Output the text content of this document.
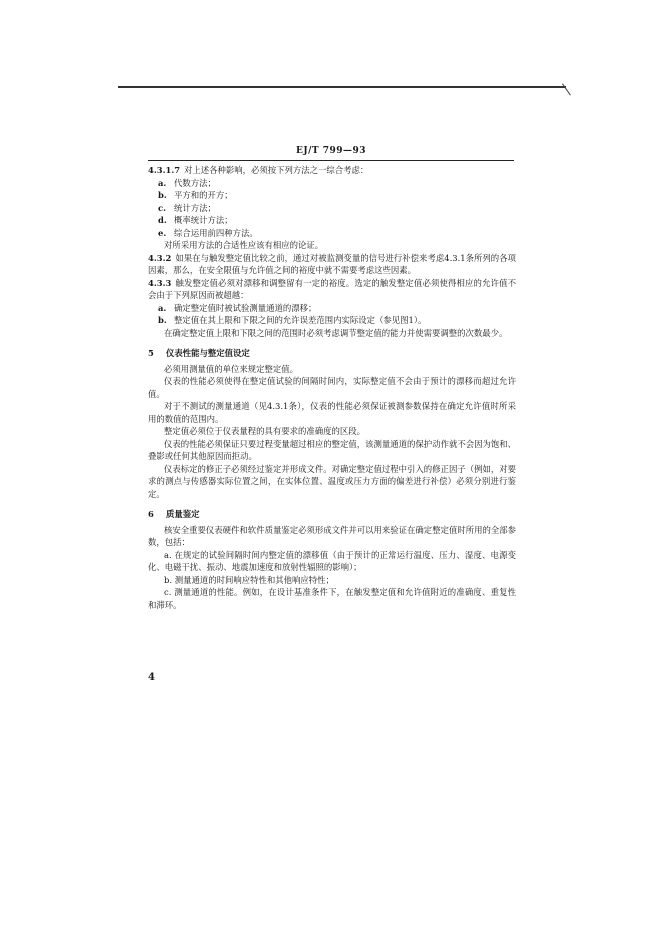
EJ/T 799—93

4.3.1.7 对上述各种影响，必须按下列方法之一综合考虑：

a. 代数方法；
b. 平方和的开方；
c. 统计方法；
d. 概率统计方法；
e. 综合运用前四种方法。

对所采用方法的合适性应该有相应的论证。

4.3.2 如果在与触发整定值比较之前，通过对被监测变量的信号进行补偿来考虑4.3.1条所列的各项因素，那么，在安全限值与允许值之间的裕度中就不需要考虑这些因素。

4.3.3 触发整定值必须对漂移和调整留有一定的裕度。选定的触发整定值必须使得相应的允许值不会由于下列原因而被超越：

a. 确定整定值时被试验测量通道的漂移；
b. 整定值在其上限和下限之间的允许误差范围内实际设定（参见图1）。

在确定整定值上限和下限之间的范围时必须考虑调节整定值的能力并使需要调整的次数最少。

5 仪表性能与整定值设定

必须用测量值的单位来规定整定值。

仪表的性能必须使得在整定值试验的间隔时间内，实际整定值不会由于预计的漂移而超过允许值。

对于不测试的测量通道（见4.3.1条），仪表的性能必须保证被测参数保持在确定允许值时所采用的数值的范围内。

整定值必须位于仪表量程的具有要求的准确度的区段。

仪表的性能必须保证只要过程变量超过相应的整定值，该测量通道的保护动作就不会因为饱和、叠影或任何其他原因而拒动。

仪表标定的修正子必须经过鉴定并形成文件。对确定整定值过程中引入的修正因子（例如，对要求的测点与传感器实际位置之间，在实体位置、温度或压力方面的偏差进行补偿）必须分别进行鉴定。

6 质量鉴定

核安全重要仪表硬件和软件质量鉴定必须形成文件并可以用来验证在确定整定值时所用的全部参数，包括：

a. 在规定的试验间隔时间内整定值的漂移值（由于预计的正常运行温度、压力、湿度、电源变化、电磁干扰、振动、地震加速度和放射性辐照的影响）；

b. 测量通道的时间响应特性和其他响应特性；

c. 测量通道的性能。例如，在设计基准条件下，在触发整定值和允许值附近的准确度、重复性和滞环。

4
